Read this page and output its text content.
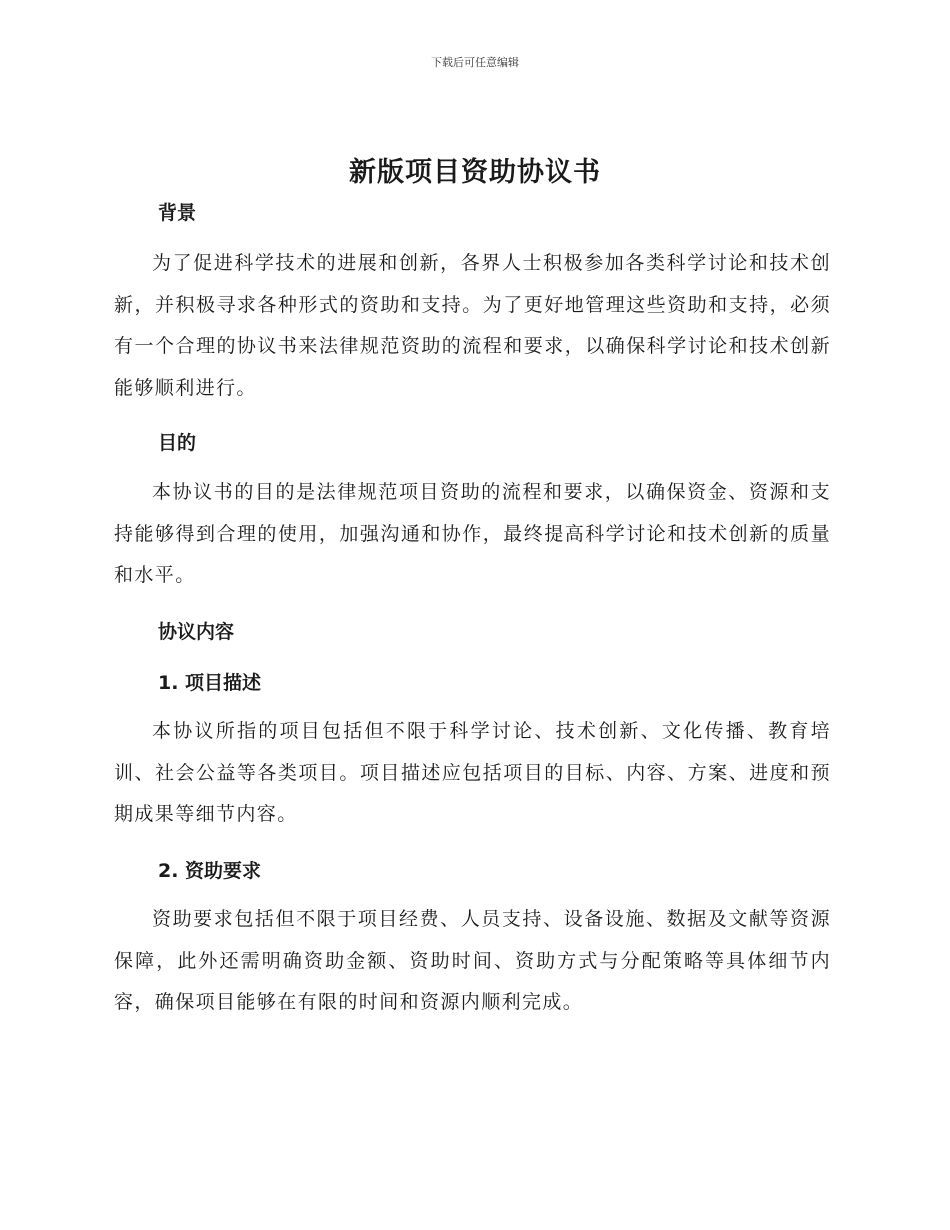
下载后可任意编辑
新版项目资助协议书
背景

为了促进科学技术的进展和创新，各界人士积极参加各类科学讨论和技术创新，并积极寻求各种形式的资助和支持。为了更好地管理这些资助和支持，必须有一个合理的协议书来法律规范资助的流程和要求，以确保科学讨论和技术创新能够顺利进行。

目的

本协议书的目的是法律规范项目资助的流程和要求，以确保资金、资源和支持能够得到合理的使用，加强沟通和协作，最终提高科学讨论和技术创新的质量和水平。

协议内容
1. 项目描述

本协议所指的项目包括但不限于科学讨论、技术创新、文化传播、教育培训、社会公益等各类项目。项目描述应包括项目的目标、内容、方案、进度和预期成果等细节内容。

2. 资助要求

资助要求包括但不限于项目经费、人员支持、设备设施、数据及文献等资源保障，此外还需明确资助金额、资助时间、资助方式与分配策略等具体细节内容，确保项目能够在有限的时间和资源内顺利完成。
